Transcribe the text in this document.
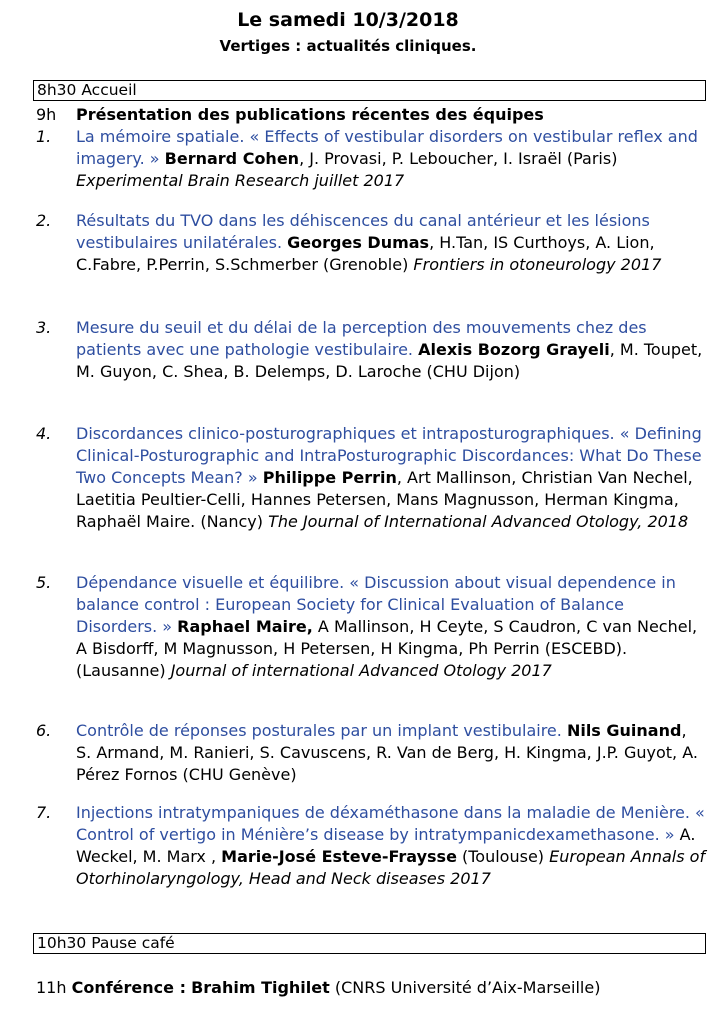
Le samedi 10/3/2018
Vertiges : actualités cliniques.
8h30 Accueil
9h Présentation des publications récentes des équipes
1. La mémoire spatiale. « Effects of vestibular disorders on vestibular reflex and imagery. » Bernard Cohen, J. Provasi, P. Leboucher, I. Israël (Paris) Experimental Brain Research juillet 2017
2. Résultats du TVO dans les déhiscences du canal antérieur et les lésions vestibulaires unilatérales. Georges Dumas, H.Tan, IS Curthoys, A. Lion, C.Fabre, P.Perrin, S.Schmerber (Grenoble) Frontiers in otoneurology 2017
3. Mesure du seuil et du délai de la perception des mouvements chez des patients avec une pathologie vestibulaire. Alexis Bozorg Grayeli, M. Toupet, M. Guyon, C. Shea, B. Delemps, D. Laroche (CHU Dijon)
4. Discordances clinico-posturographiques et intraposturographiques. « Defining Clinical-Posturographic and IntraPosturographic Discordances: What Do These Two Concepts Mean? » Philippe Perrin, Art Mallinson, Christian Van Nechel, Laetitia Peultier-Celli, Hannes Petersen, Mans Magnusson, Herman Kingma, Raphaël Maire. (Nancy) The Journal of International Advanced Otology, 2018
5. Dépendance visuelle et équilibre. « Discussion about visual dependence in balance control : European Society for Clinical Evaluation of Balance Disorders. » Raphael Maire, A Mallinson, H Ceyte, S Caudron, C van Nechel, A Bisdorff, M Magnusson, H Petersen, H Kingma, Ph Perrin (ESCEBD). (Lausanne) Journal of international Advanced Otology 2017
6. Contrôle de réponses posturales par un implant vestibulaire. Nils Guinand, S. Armand, M. Ranieri, S. Cavuscens, R. Van de Berg, H. Kingma, J.P. Guyot, A. Pérez Fornos (CHU Genève)
7. Injections intratympaniques de déxaméthasone dans la maladie de Menière. « Control of vertigo in Ménière’s disease by intratympanicdexamethasone. » A. Weckel, M. Marx , Marie-José Esteve-Fraysse (Toulouse) European Annals of Otorhinolaryngology, Head and Neck diseases 2017
10h30 Pause café
11h Conférence : Brahim Tighilet (CNRS Université d’Aix-Marseille)
